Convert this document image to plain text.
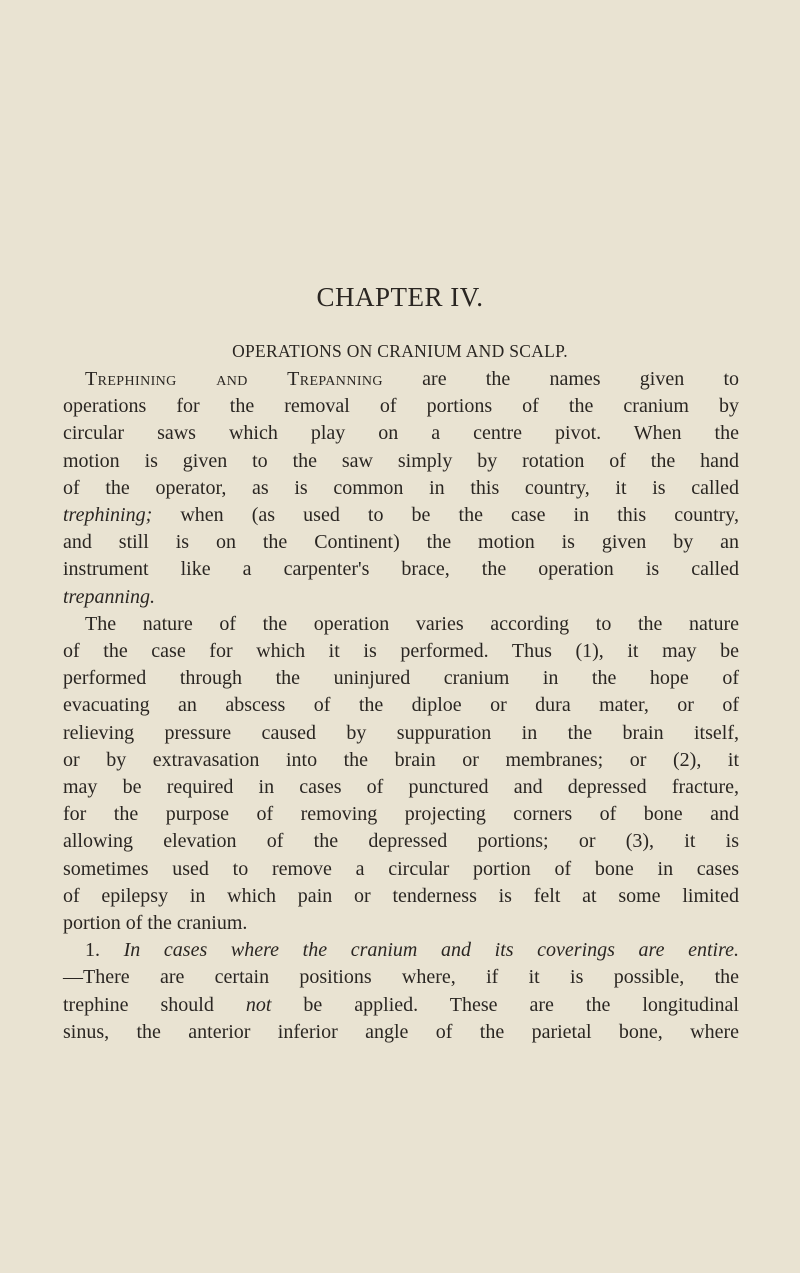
CHAPTER IV.
OPERATIONS ON CRANIUM AND SCALP.
Trephining and Trepanning are the names given to
operations for the removal of portions of the cranium by
circular saws which play on a centre pivot. When the
motion is given to the saw simply by rotation of the hand
of the operator, as is common in this country, it is called
trephining; when (as used to be the case in this country,
and still is on the Continent) the motion is given by an
instrument like a carpenter's brace, the operation is called
trepanning.
The nature of the operation varies according to the nature
of the case for which it is performed. Thus (1), it may be
performed through the uninjured cranium in the hope of
evacuating an abscess of the diploe or dura mater, or of
relieving pressure caused by suppuration in the brain itself,
or by extravasation into the brain or membranes; or (2), it
may be required in cases of punctured and depressed fracture,
for the purpose of removing projecting corners of bone and
allowing elevation of the depressed portions; or (3), it is
sometimes used to remove a circular portion of bone in cases
of epilepsy in which pain or tenderness is felt at some limited
portion of the cranium.
1. In cases where the cranium and its coverings are entire.
—There are certain positions where, if it is possible, the
trephine should not be applied. These are the longitudinal
sinus, the anterior inferior angle of the parietal bone, where
